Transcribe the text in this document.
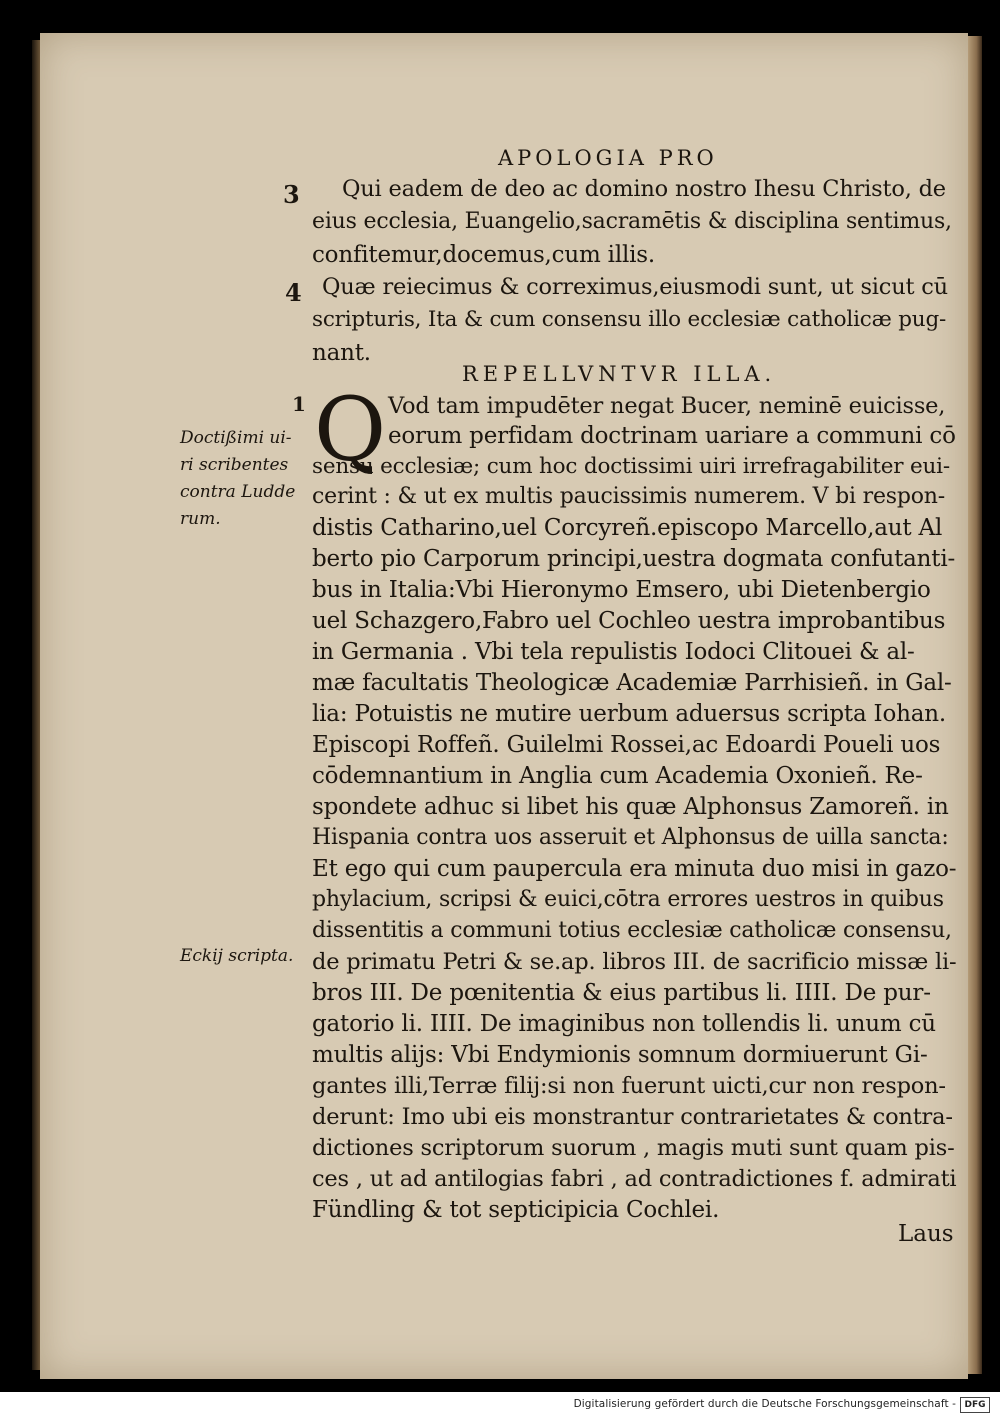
APOLOGIA PRO
3 Qui eadem de deo ac domino nostro Ihesu Christo, de
eius ecclesia, Euangelio,sacramētis & disciplina sentimus,
confitemur,docemus,cum illis.
4 Quæ reiecimus & correximus,eiusmodi sunt, ut sicut cū
scripturis, Ita & cum consensu illo ecclesiæ catholicæ pug-
nant.
REPELLVNTVR ILLA.
1 Q
Doctißimi ui-
ri scribentes
contra Ludde
rum.
Eckij scripta.
Vod tam impudēter negat Bucer, neminē euicisse,
eorum perfidam doctrinam uariare a communi cō
sensu ecclesiæ; cum hoc doctissimi uiri irrefragabiliter eui-
cerint : & ut ex multis paucissimis numerem. V bi respon-
distis Catharino,uel Corcyreñ.episcopo Marcello,aut Al
berto pio Carporum principi,uestra dogmata confutanti-
bus in Italia:Vbi Hieronymo Emsero, ubi Dietenbergio
uel Schazgero,Fabro uel Cochleo uestra improbantibus
in Germania . Vbi tela repulistis Iodoci Clitouei & al-
mæ facultatis Theologicæ Academiæ Parrhisieñ. in Gal-
lia: Potuistis ne mutire uerbum aduersus scripta Iohan.
Episcopi Roffeñ. Guilelmi Rossei,ac Edoardi Poueli uos
cōdemnantium in Anglia cum Academia Oxonieñ. Re-
spondete adhuc si libet his quæ Alphonsus Zamoreñ. in
Hispania contra uos asseruit et Alphonsus de uilla sancta:
Et ego qui cum paupercula era minuta duo misi in gazo-
phylacium, scripsi & euici,cōtra errores uestros in quibus
dissentitis a communi totius ecclesiæ catholicæ consensu,
de primatu Petri & se.ap. libros III. de sacrificio missæ li-
bros III. De pœnitentia & eius partibus li. IIII. De pur-
gatorio li. IIII. De imaginibus non tollendis li. unum cū
multis alijs: Vbi Endymionis somnum dormiuerunt Gi-
gantes illi,Terræ filij:si non fuerunt uicti,cur non respon-
derunt: Imo ubi eis monstrantur contrarietates & contra-
dictiones scriptorum suorum , magis muti sunt quam pis-
ces , ut ad antilogias fabri , ad contradictiones f. admirati
Fündling & tot septicipicia Cochlei.
Laus
Digitalisierung gefördert durch die Deutsche Forschungsgemeinschaft - DFG
